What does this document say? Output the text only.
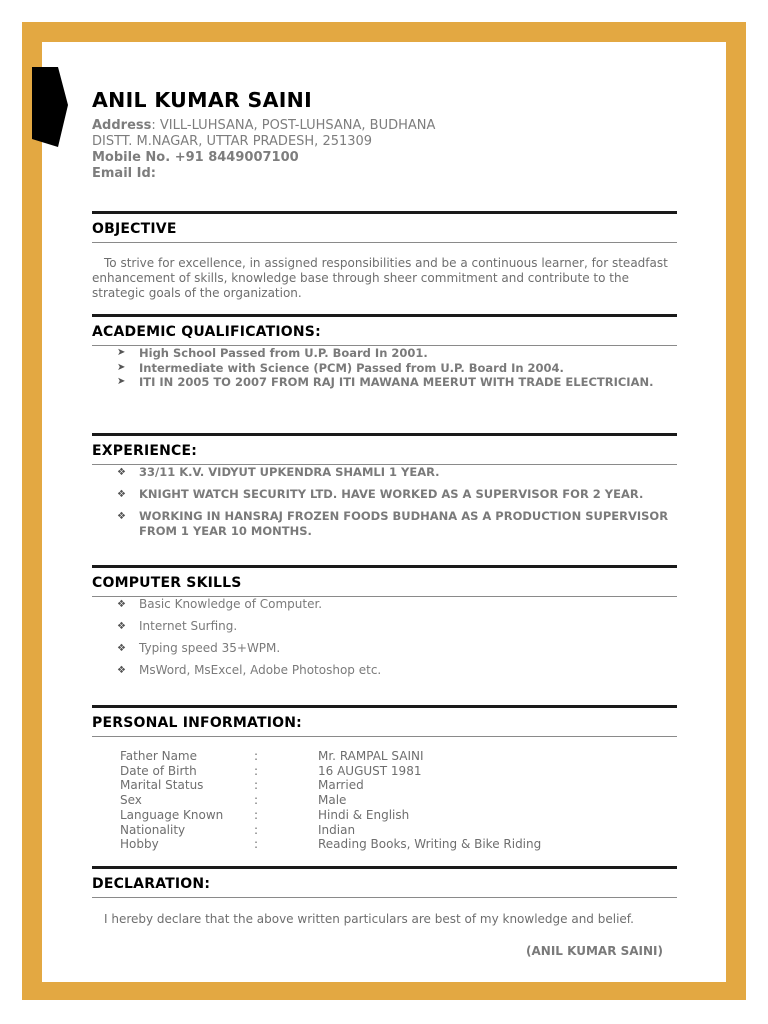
ANIL KUMAR SAINI
Address: VILL-LUHSANA, POST-LUHSANA, BUDHANA
DISTT. M.NAGAR, UTTAR PRADESH, 251309
Mobile No. +91 8449007100
Email Id:
OBJECTIVE
To strive for excellence, in assigned responsibilities and be a continuous learner, for steadfast enhancement of skills, knowledge base through sheer commitment and contribute to the strategic goals of the organization.
ACADEMIC QUALIFICATIONS:
➤ High School Passed from U.P. Board In 2001.
➤ Intermediate with Science (PCM) Passed from U.P. Board In 2004.
➤ ITI IN 2005 TO 2007 FROM RAJ ITI MAWANA MEERUT WITH TRADE ELECTRICIAN.
EXPERIENCE:
❖ 33/11 K.V. VIDYUT UPKENDRA SHAMLI 1 YEAR.
❖ KNIGHT WATCH SECURITY LTD. HAVE WORKED AS A SUPERVISOR FOR 2 YEAR.
❖ WORKING IN HANSRAJ FROZEN FOODS BUDHANA AS A PRODUCTION SUPERVISOR FROM 1 YEAR 10 MONTHS.
COMPUTER SKILLS
❖ Basic Knowledge of Computer.
❖ Internet Surfing.
❖ Typing speed 35+WPM.
❖ MsWord, MsExcel, Adobe Photoshop etc.
PERSONAL INFORMATION:
Father Name	:	Mr. RAMPAL SAINI
Date of Birth	:	16 AUGUST 1981
Marital Status	:	Married
Sex	:	Male
Language Known	:	Hindi & English
Nationality	:	Indian
Hobby	:	Reading Books, Writing & Bike Riding
DECLARATION:
I hereby declare that the above written particulars are best of my knowledge and belief.
(ANIL KUMAR SAINI)
